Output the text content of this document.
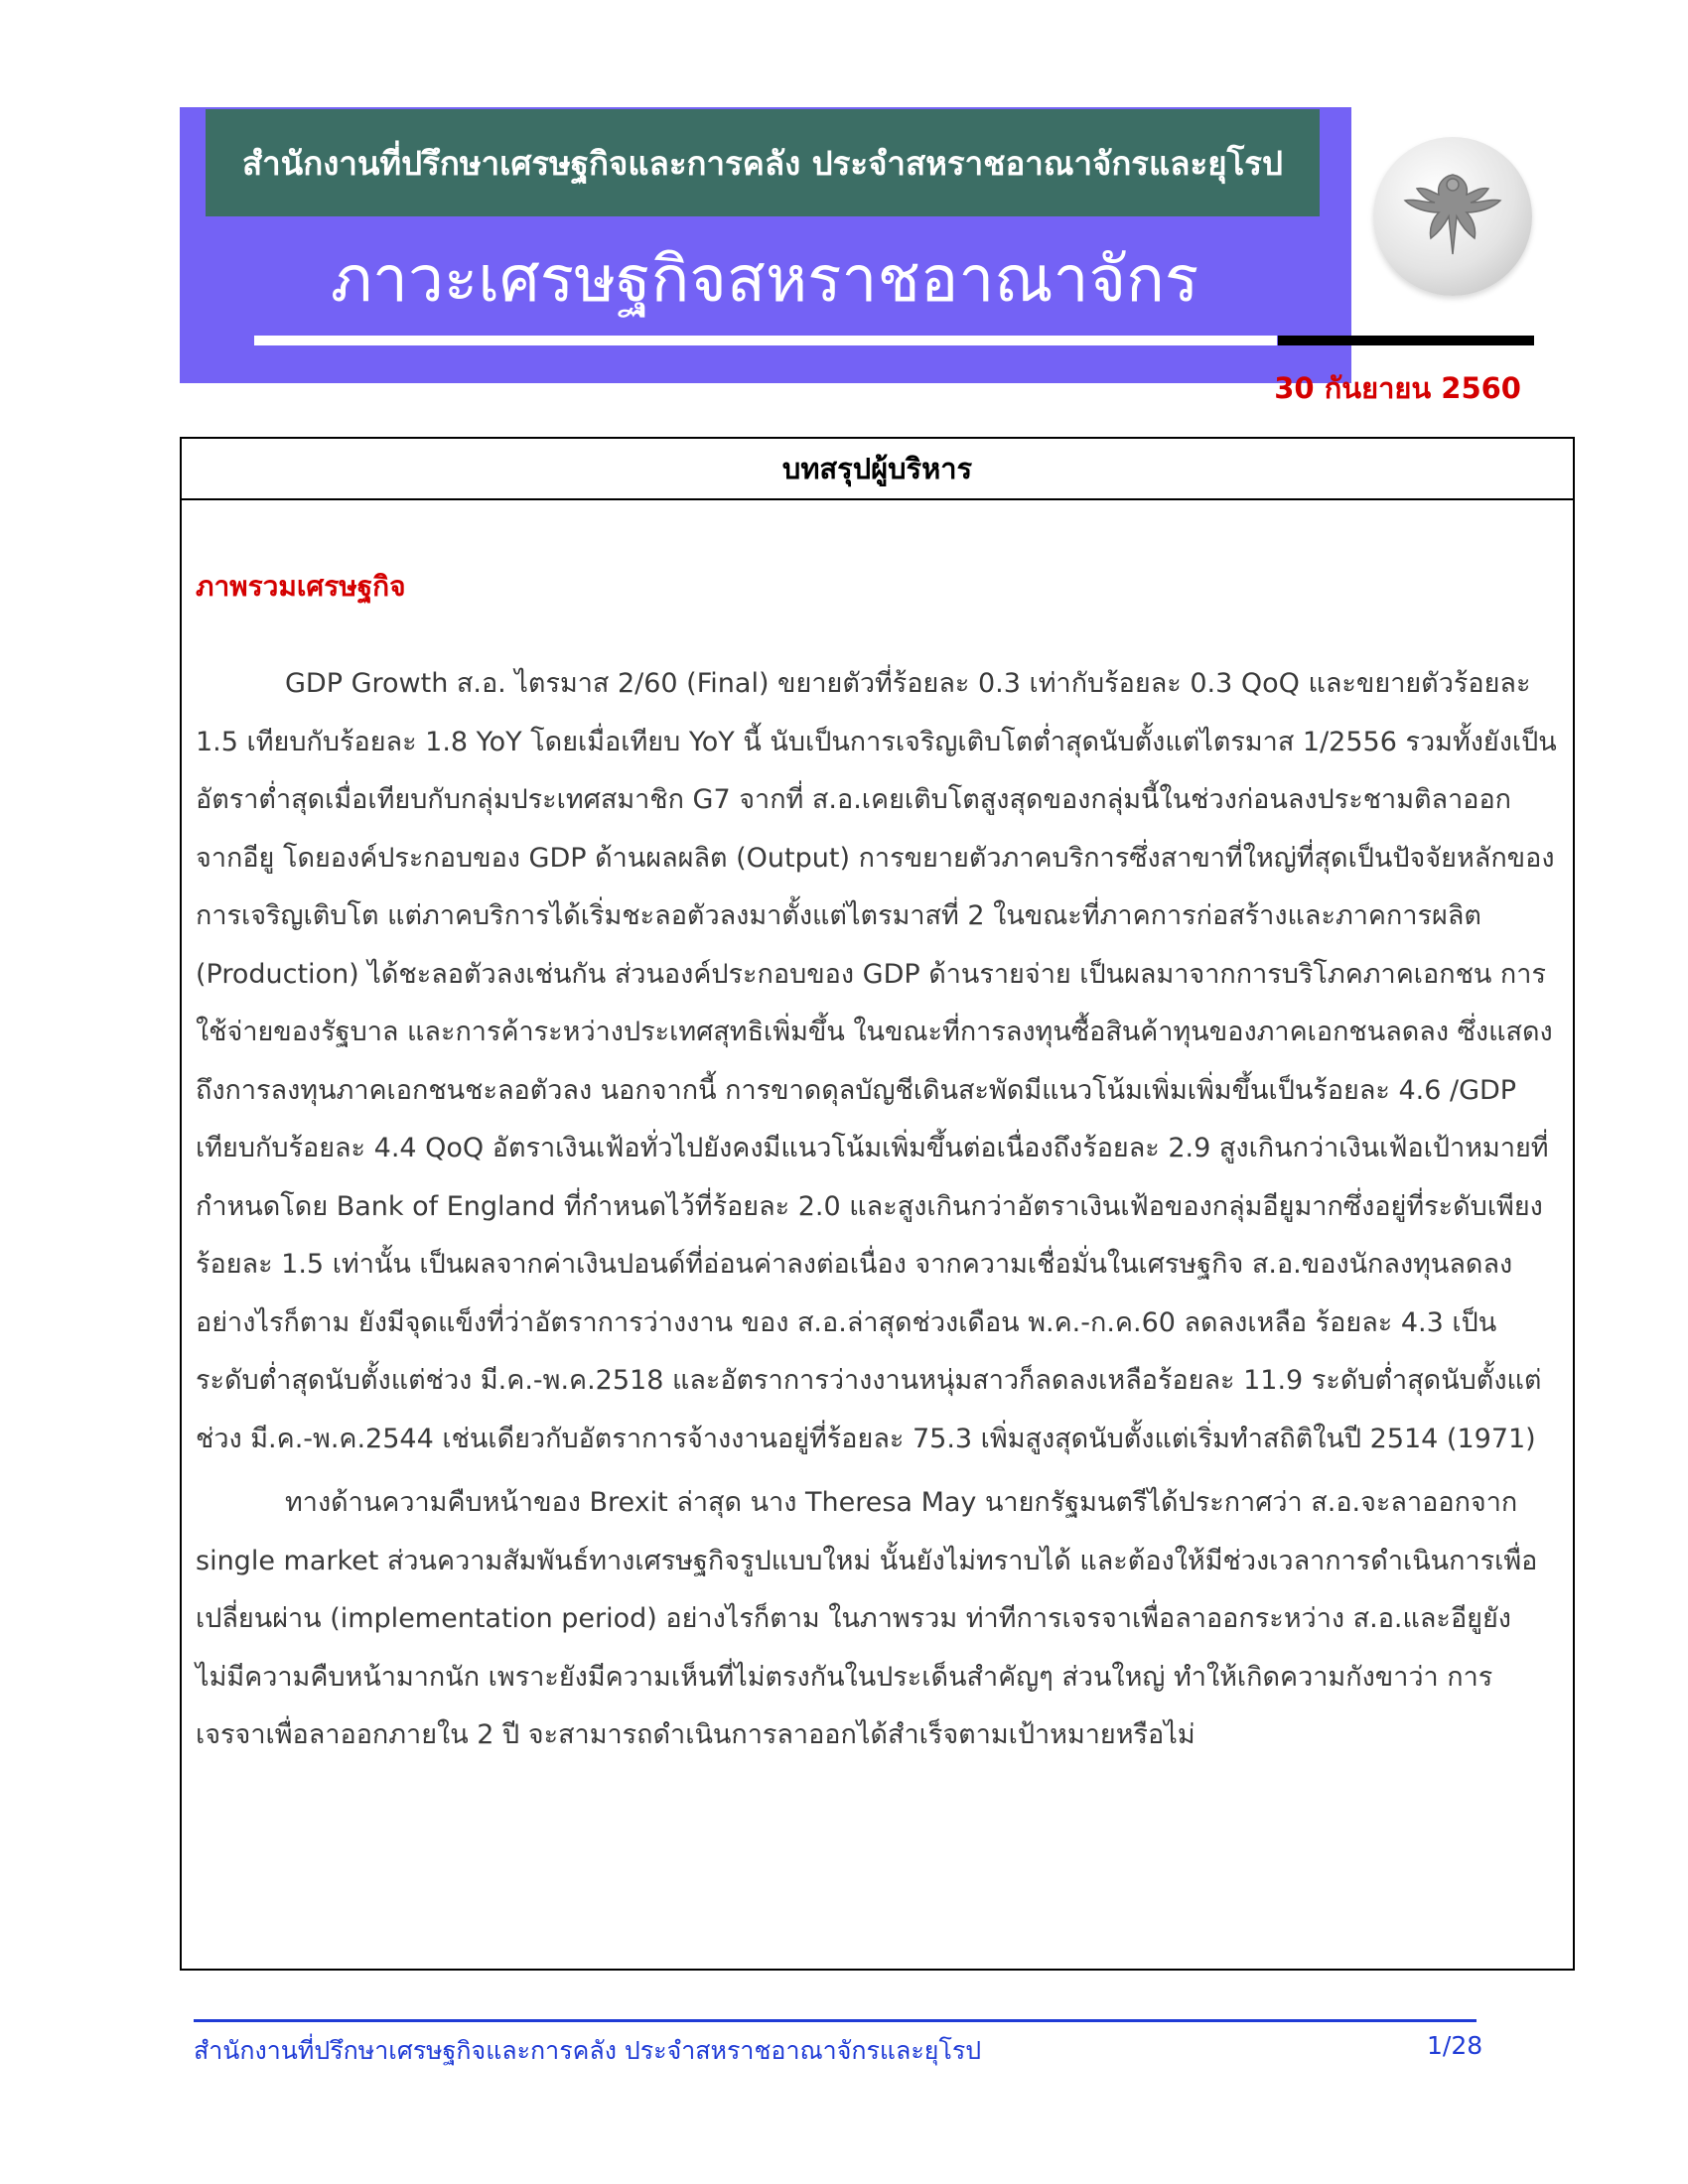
สำนักงานที่ปรึกษาเศรษฐกิจและการคลัง ประจำสหราชอาณาจักรและยุโรป
ภาวะเศรษฐกิจสหราชอาณาจักร
30 กันยายน 2560
บทสรุปผู้บริหาร
ภาพรวมเศรษฐกิจ

GDP Growth ส.อ. ไตรมาส 2/60 (Final) ขยายตัวที่ร้อยละ 0.3 เท่ากับร้อยละ 0.3 QoQ และขยายตัวร้อยละ 1.5 เทียบกับร้อยละ 1.8 YoY โดยเมื่อเทียบ YoY นี้ นับเป็นการเจริญเติบโตต่ำสุดนับตั้งแต่ไตรมาส 1/2556 รวมทั้งยังเป็นอัตราต่ำสุดเมื่อเทียบกับกลุ่มประเทศสมาชิก G7 จากที่ ส.อ.เคยเติบโตสูงสุดของกลุ่มนี้ในช่วงก่อนลงประชามติลาออกจากอียู โดยองค์ประกอบของ GDP ด้านผลผลิต (Output) การขยายตัวภาคบริการซึ่งสาขาที่ใหญ่ที่สุดเป็นปัจจัยหลักของการเจริญเติบโต แต่ภาคบริการได้เริ่มชะลอตัวลงมาตั้งแต่ไตรมาสที่ 2 ในขณะที่ภาคการก่อสร้างและภาคการผลิต (Production) ได้ชะลอตัวลงเช่นกัน ส่วนองค์ประกอบของ GDP ด้านรายจ่าย เป็นผลมาจากการบริโภคภาคเอกชน การใช้จ่ายของรัฐบาล และการค้าระหว่างประเทศสุทธิเพิ่มขึ้น ในขณะที่การลงทุนซื้อสินค้าทุนของภาคเอกชนลดลง ซึ่งแสดงถึงการลงทุนภาคเอกชนชะลอตัวลง นอกจากนี้ การขาดดุลบัญชีเดินสะพัดมีแนวโน้มเพิ่มเพิ่มขึ้นเป็นร้อยละ 4.6 /GDP เทียบกับร้อยละ 4.4 QoQ อัตราเงินเฟ้อทั่วไปยังคงมีแนวโน้มเพิ่มขึ้นต่อเนื่องถึงร้อยละ 2.9 สูงเกินกว่าเงินเฟ้อเป้าหมายที่กำหนดโดย Bank of England ที่กำหนดไว้ที่ร้อยละ 2.0 และสูงเกินกว่าอัตราเงินเฟ้อของกลุ่มอียูมากซึ่งอยู่ที่ระดับเพียงร้อยละ 1.5 เท่านั้น เป็นผลจากค่าเงินปอนด์ที่อ่อนค่าลงต่อเนื่อง จากความเชื่อมั่นในเศรษฐกิจ ส.อ.ของนักลงทุนลดลง อย่างไรก็ตาม ยังมีจุดแข็งที่ว่าอัตราการว่างงาน ของ ส.อ.ล่าสุดช่วงเดือน พ.ค.-ก.ค.60 ลดลงเหลือ ร้อยละ 4.3 เป็นระดับต่ำสุดนับตั้งแต่ช่วง มี.ค.-พ.ค.2518 และอัตราการว่างงานหนุ่มสาวก็ลดลงเหลือร้อยละ 11.9 ระดับต่ำสุดนับตั้งแต่ช่วง มี.ค.-พ.ค.2544 เช่นเดียวกับอัตราการจ้างงานอยู่ที่ร้อยละ 75.3 เพิ่มสูงสุดนับตั้งแต่เริ่มทำสถิติในปี 2514 (1971)

ทางด้านความคืบหน้าของ Brexit ล่าสุด นาง Theresa May นายกรัฐมนตรีได้ประกาศว่า ส.อ.จะลาออกจาก single market ส่วนความสัมพันธ์ทางเศรษฐกิจรูปแบบใหม่ นั้นยังไม่ทราบได้ และต้องให้มีช่วงเวลาการดำเนินการเพื่อเปลี่ยนผ่าน (implementation period) อย่างไรก็ตาม ในภาพรวม ท่าทีการเจรจาเพื่อลาออกระหว่าง ส.อ.และอียูยังไม่มีความคืบหน้ามากนัก เพราะยังมีความเห็นที่ไม่ตรงกันในประเด็นสำคัญๆ ส่วนใหญ่ ทำให้เกิดความกังขาว่า การเจรจาเพื่อลาออกภายใน 2 ปี จะสามารถดำเนินการลาออกได้สำเร็จตามเป้าหมายหรือไม่

สำนักงานที่ปรึกษาเศรษฐกิจและการคลัง ประจำสหราชอาณาจักรและยุโรป	1/28
